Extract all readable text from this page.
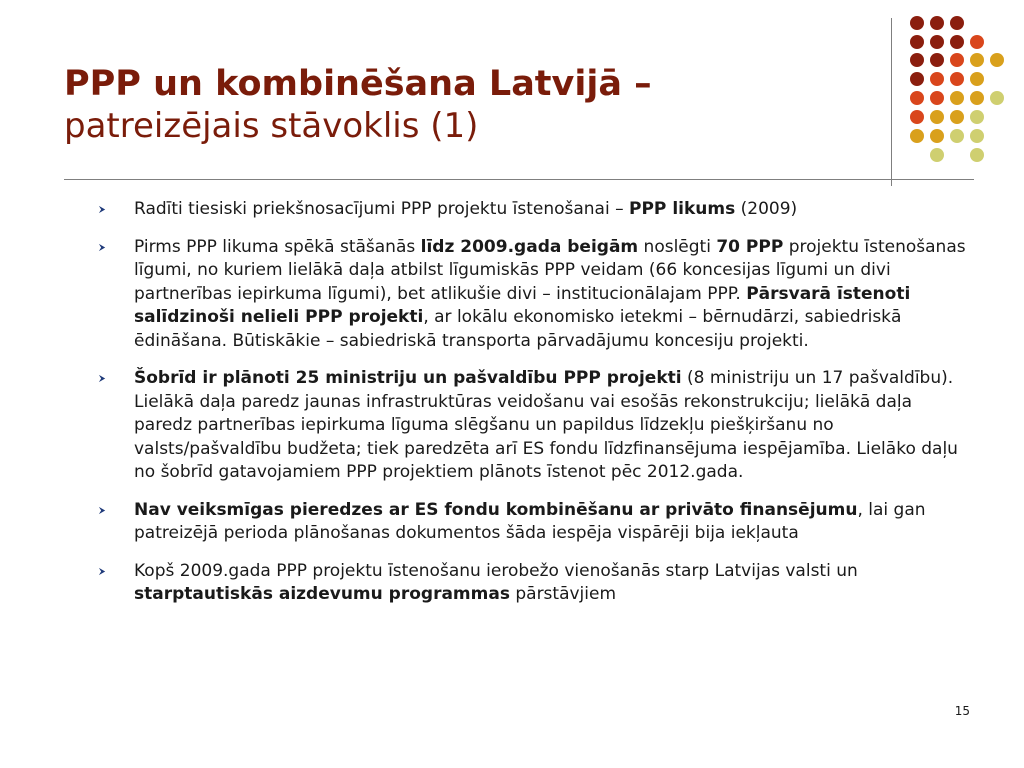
PPP un kombinēšana Latvijā –

patreizējais stāvoklis (1)

Radīti tiesiski priekšnosacījumi PPP projektu īstenošanai – PPP likums (2009)
Pirms PPP likuma spēkā stāšanās līdz 2009.gada beigām noslēgti 70 PPP projektu īstenošanas līgumi, no kuriem lielākā daļa atbilst līgumiskās PPP veidam (66 koncesijas līgumi un divi partnerības iepirkuma līgumi), bet atlikušie divi – institucionālajam PPP. Pārsvarā īstenoti salīdzinoši nelieli PPP projekti, ar lokālu ekonomisko ietekmi – bērnudārzi, sabiedriskā ēdināšana. Būtiskākie – sabiedriskā transporta pārvadājumu koncesiju projekti.
Šobrīd ir plānoti 25 ministriju un pašvaldību PPP projekti (8 ministriju un 17 pašvaldību). Lielākā daļa paredz jaunas infrastruktūras veidošanu vai esošās rekonstrukciju; lielākā daļa paredz partnerības iepirkuma līguma slēgšanu un papildus līdzekļu piešķiršanu no valsts/pašvaldību budžeta; tiek paredzēta arī ES fondu līdzfinansējuma iespējamība. Lielāko daļu no šobrīd gatavojamiem PPP projektiem plānots īstenot pēc 2012.gada.
Nav veiksmīgas pieredzes ar ES fondu kombinēšanu ar privāto finansējumu, lai gan patreizējā perioda plānošanas dokumentos šāda iespēja vispārēji bija iekļauta
Kopš 2009.gada PPP projektu īstenošanu ierobežo vienošanās starp Latvijas valsti un starptautiskās aizdevumu programmas pārstāvjiem
15
